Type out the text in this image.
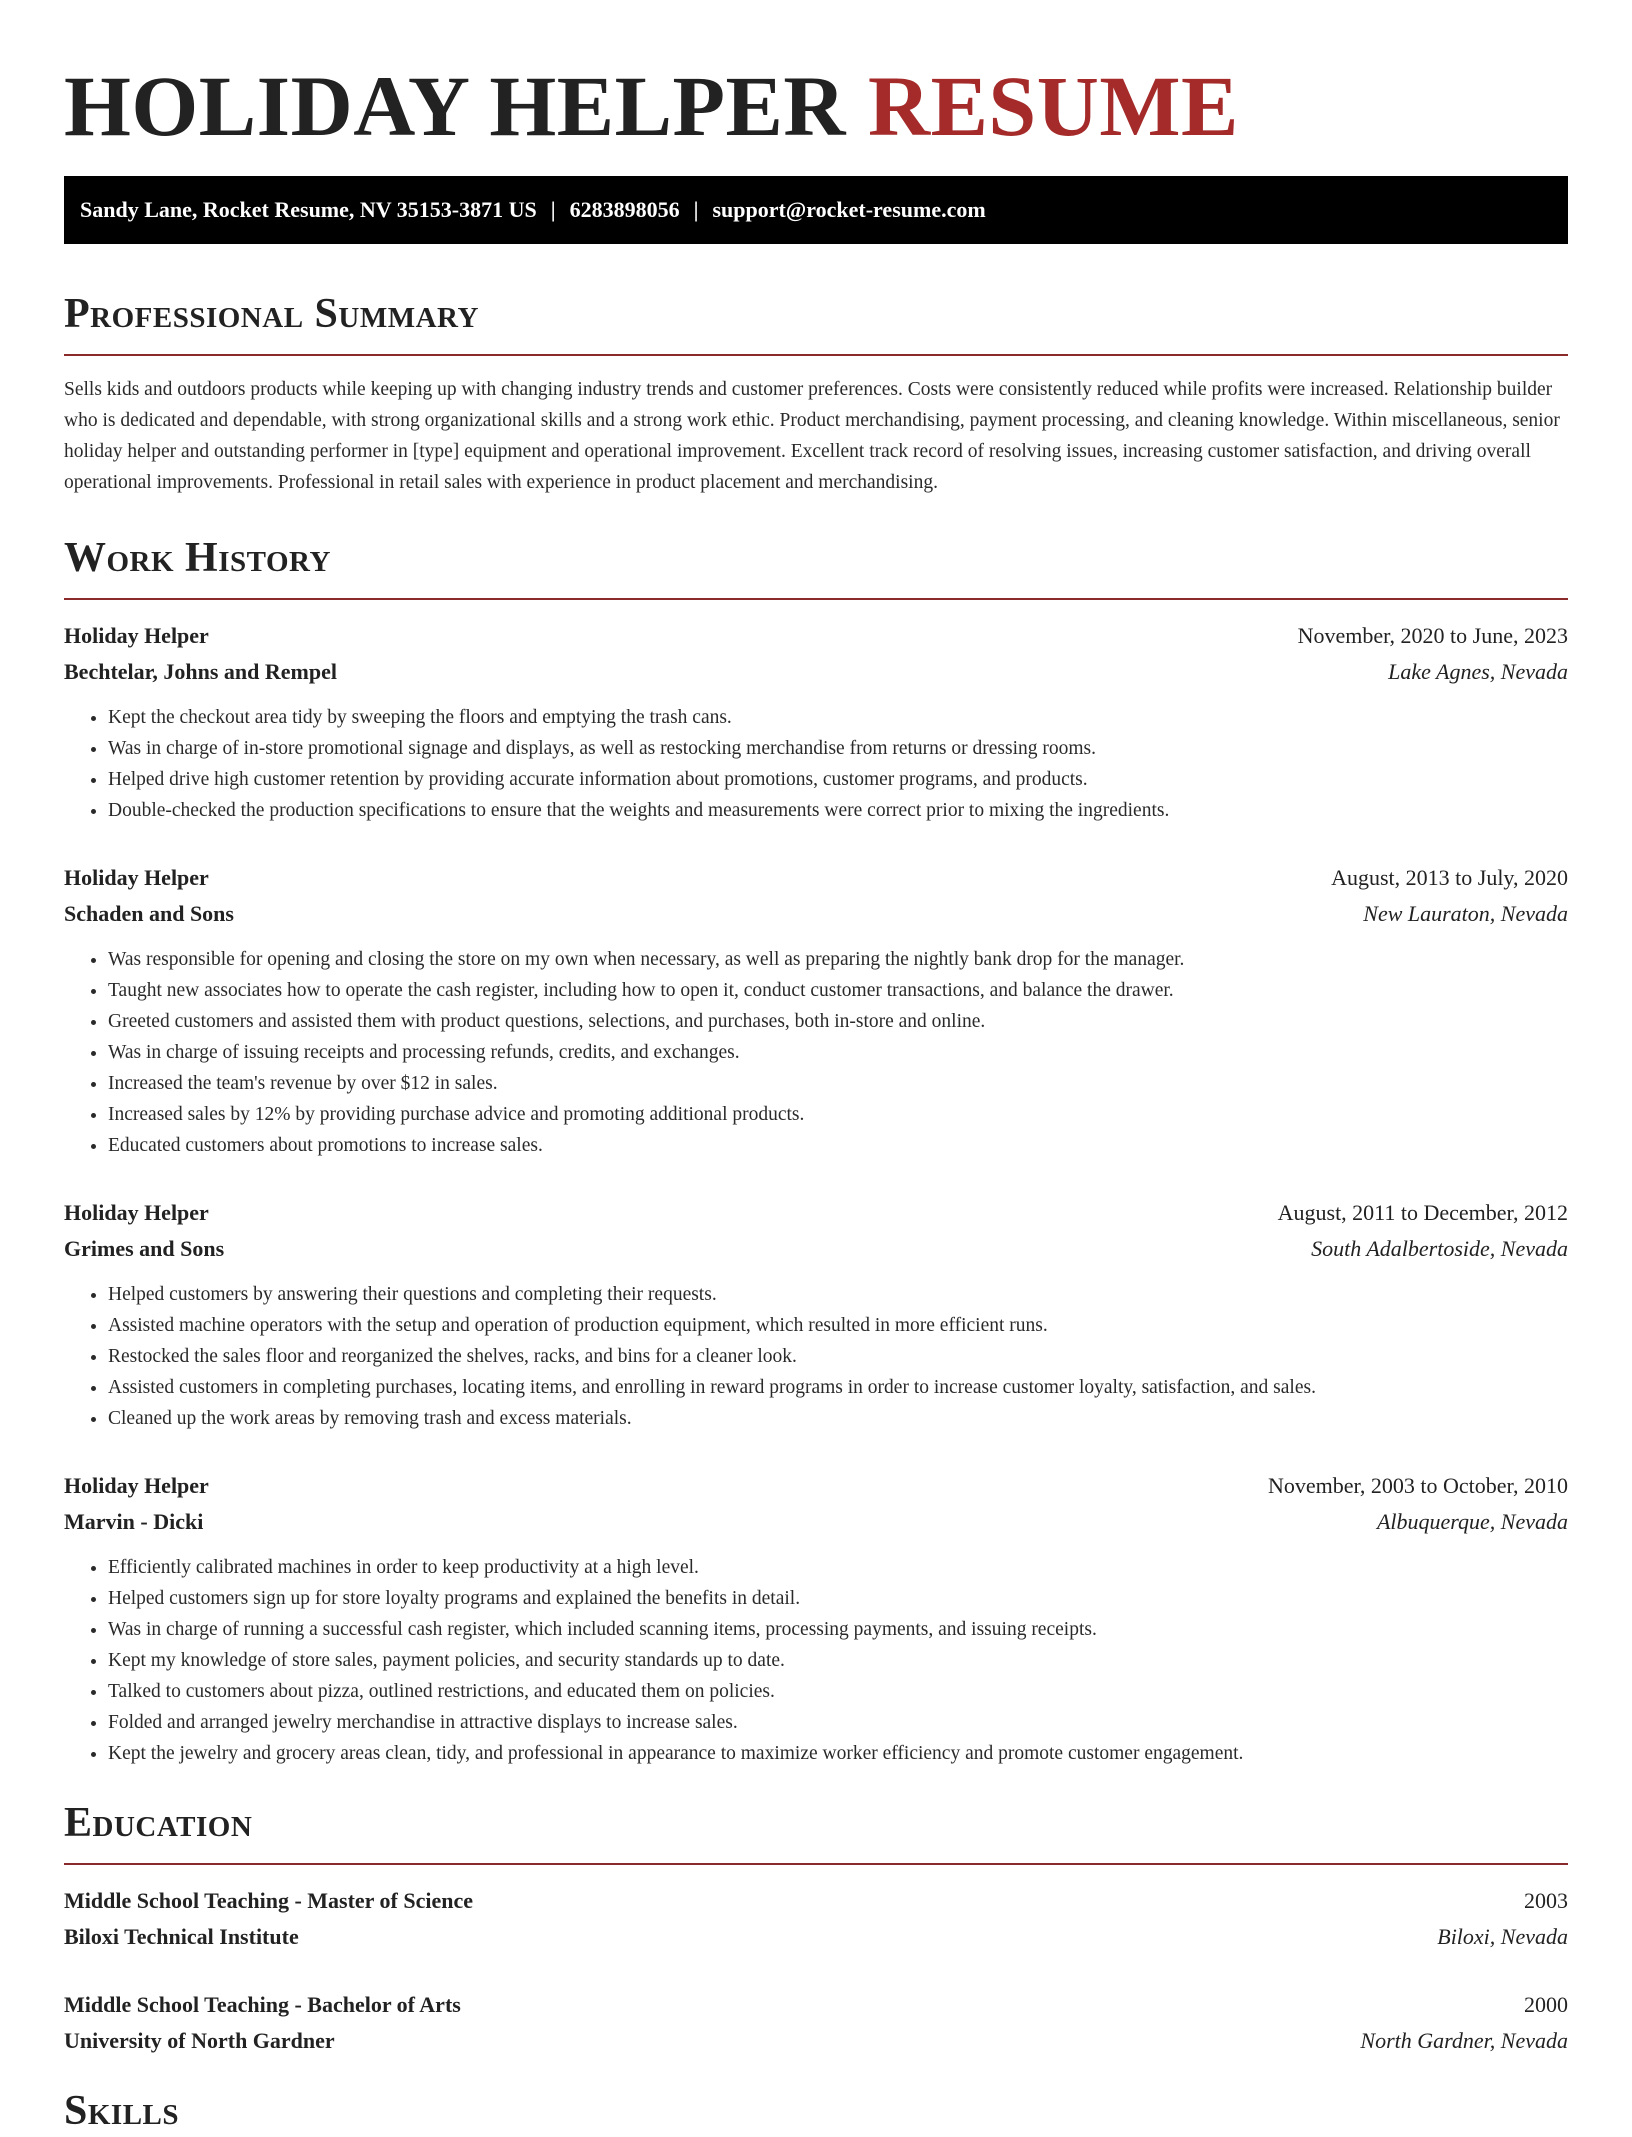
HOLIDAY HELPER RESUME
Sandy Lane, Rocket Resume, NV 35153-3871 US | 6283898056 | support@rocket-resume.com
Professional Summary

Sells kids and outdoors products while keeping up with changing industry trends and customer preferences. Costs were consistently reduced while profits were increased. Relationship builder who is dedicated and dependable, with strong organizational skills and a strong work ethic. Product merchandising, payment processing, and cleaning knowledge. Within miscellaneous, senior holiday helper and outstanding performer in [type] equipment and operational improvement. Excellent track record of resolving issues, increasing customer satisfaction, and driving overall operational improvements. Professional in retail sales with experience in product placement and merchandising.

Work History
Holiday Helper	November, 2020 to June, 2023
Bechtelar, Johns and Rempel	Lake Agnes, Nevada
• Kept the checkout area tidy by sweeping the floors and emptying the trash cans.
• Was in charge of in-store promotional signage and displays, as well as restocking merchandise from returns or dressing rooms.
• Helped drive high customer retention by providing accurate information about promotions, customer programs, and products.
• Double-checked the production specifications to ensure that the weights and measurements were correct prior to mixing the ingredients.
Holiday Helper	August, 2013 to July, 2020
Schaden and Sons	New Lauraton, Nevada
• Was responsible for opening and closing the store on my own when necessary, as well as preparing the nightly bank drop for the manager.
• Taught new associates how to operate the cash register, including how to open it, conduct customer transactions, and balance the drawer.
• Greeted customers and assisted them with product questions, selections, and purchases, both in-store and online.
• Was in charge of issuing receipts and processing refunds, credits, and exchanges.
• Increased the team's revenue by over $12 in sales.
• Increased sales by 12% by providing purchase advice and promoting additional products.
• Educated customers about promotions to increase sales.
Holiday Helper	August, 2011 to December, 2012
Grimes and Sons	South Adalbertoside, Nevada
• Helped customers by answering their questions and completing their requests.
• Assisted machine operators with the setup and operation of production equipment, which resulted in more efficient runs.
• Restocked the sales floor and reorganized the shelves, racks, and bins for a cleaner look.
• Assisted customers in completing purchases, locating items, and enrolling in reward programs in order to increase customer loyalty, satisfaction, and sales.
• Cleaned up the work areas by removing trash and excess materials.
Holiday Helper	November, 2003 to October, 2010
Marvin - Dicki	Albuquerque, Nevada
• Efficiently calibrated machines in order to keep productivity at a high level.
• Helped customers sign up for store loyalty programs and explained the benefits in detail.
• Was in charge of running a successful cash register, which included scanning items, processing payments, and issuing receipts.
• Kept my knowledge of store sales, payment policies, and security standards up to date.
• Talked to customers about pizza, outlined restrictions, and educated them on policies.
• Folded and arranged jewelry merchandise in attractive displays to increase sales.
• Kept the jewelry and grocery areas clean, tidy, and professional in appearance to maximize worker efficiency and promote customer engagement.
Education
Middle School Teaching - Master of Science	2003
Biloxi Technical Institute	Biloxi, Nevada
Middle School Teaching - Bachelor of Arts	2000
University of North Gardner	North Gardner, Nevada
Skills
